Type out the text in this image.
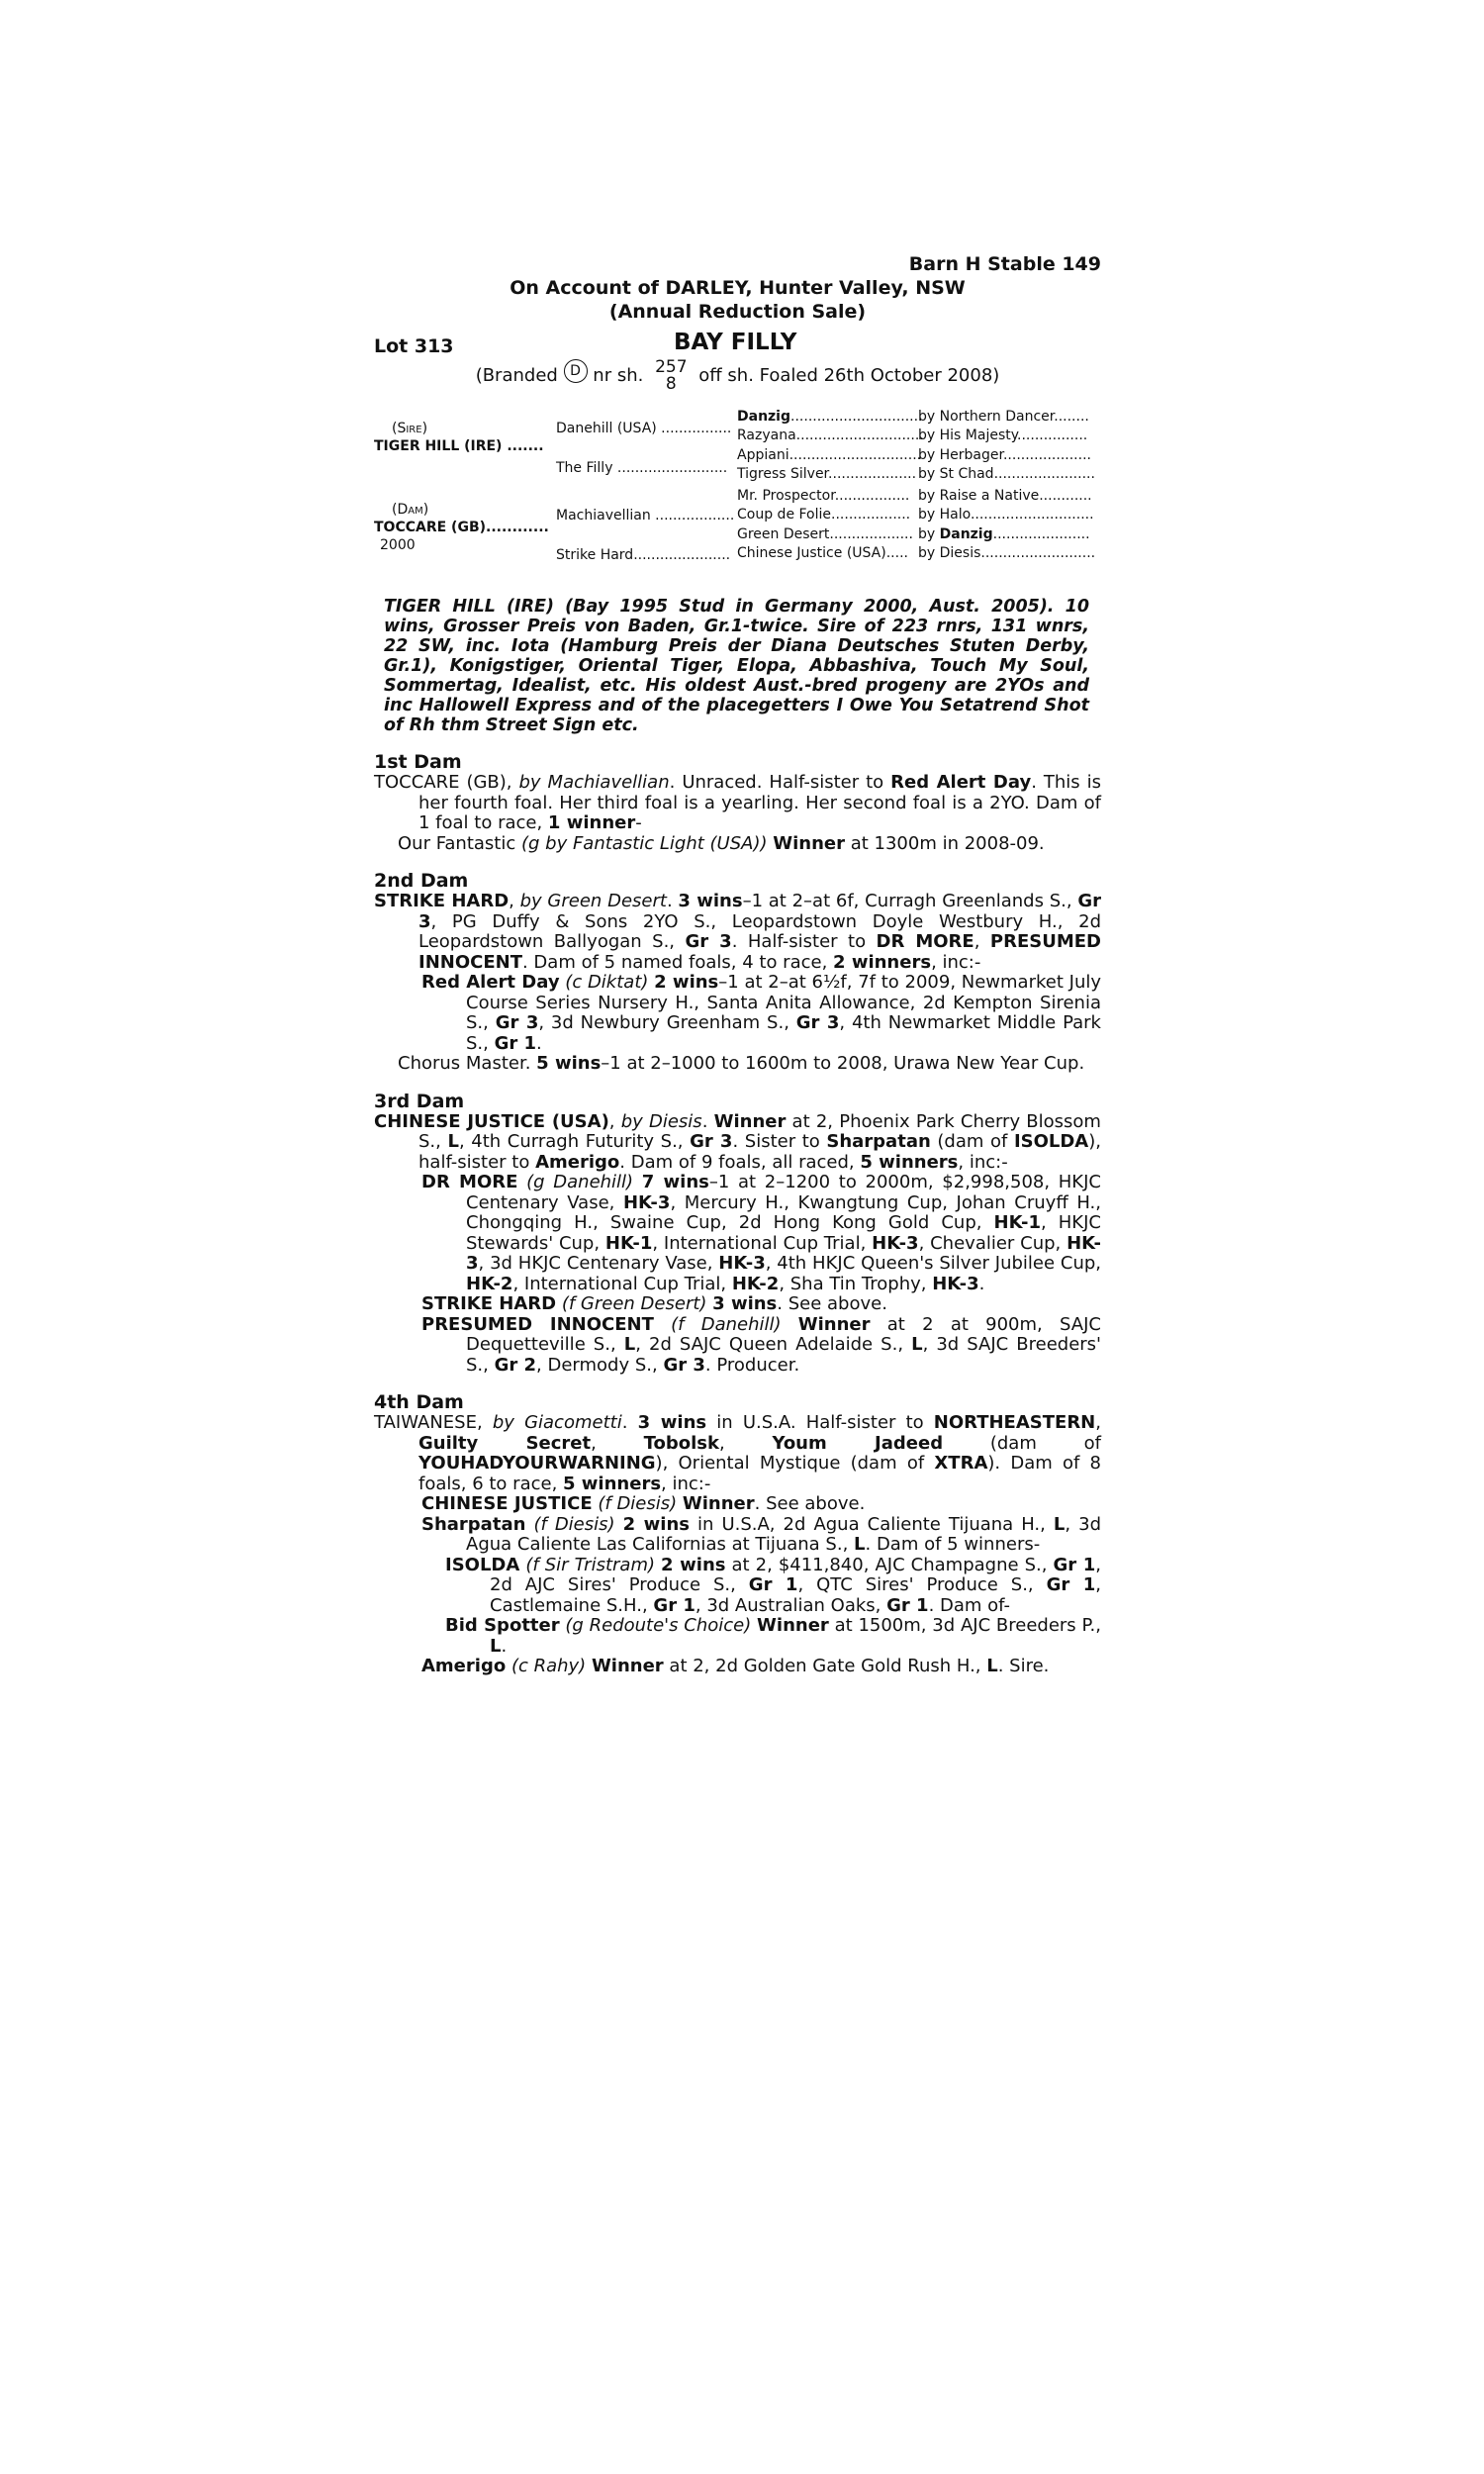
Barn H Stable 149
On Account of DARLEY, Hunter Valley, NSW
(Annual Reduction Sale)
Lot 313	BAY FILLY
(Branded D nr sh. 257
8 off sh. Foaled 26th October 2008)
(Sire)
TIGER HILL (IRE) .......
(Dam)
TOCCARE (GB)............
2000
Danehill (USA) ................
The Filly .........................
Machiavellian ..................
Strike Hard......................
Danzig..............................
Razyana.............................
Appiani..............................
Tigress Silver....................
Mr. Prospector.................
Coup de Folie..................
Green Desert...................
Chinese Justice (USA).....
by Northern Dancer........
by His Majesty................
by Herbager....................
by St Chad.......................
by Raise a Native............
by Halo............................
by Danzig......................
by Diesis..........................
TIGER HILL (IRE) (Bay 1995 Stud in Germany 2000, Aust. 2005). 10 wins, Grosser Preis von Baden, Gr.1-twice. Sire of 223 rnrs, 131 wnrs, 22 SW, inc. Iota (Hamburg Preis der Diana Deutsches Stuten Derby, Gr.1), Konigstiger, Oriental Tiger, Elopa, Abbashiva, Touch My Soul, Sommertag, Idealist, etc. His oldest Aust.-bred progeny are 2YOs and inc Hallowell Express and of the placegetters I Owe You Setatrend Shot of Rh thm Street Sign etc.
1st Dam
TOCCARE (GB), by Machiavellian. Unraced. Half-sister to Red Alert Day. This is her fourth foal. Her third foal is a yearling. Her second foal is a 2YO. Dam of 1 foal to race, 1 winner-
Our Fantastic (g by Fantastic Light (USA)) Winner at 1300m in 2008-09.
2nd Dam
STRIKE HARD, by Green Desert. 3 wins–1 at 2–at 6f, Curragh Greenlands S., Gr 3, PG Duffy & Sons 2YO S., Leopardstown Doyle Westbury H., 2d Leopardstown Ballyogan S., Gr 3. Half-sister to DR MORE, PRESUMED INNOCENT. Dam of 5 named foals, 4 to race, 2 winners, inc:-
Red Alert Day (c Diktat) 2 wins–1 at 2–at 6½f, 7f to 2009, Newmarket July Course Series Nursery H., Santa Anita Allowance, 2d Kempton Sirenia S., Gr 3, 3d Newbury Greenham S., Gr 3, 4th Newmarket Middle Park S., Gr 1.
Chorus Master. 5 wins–1 at 2–1000 to 1600m to 2008, Urawa New Year Cup.
3rd Dam
CHINESE JUSTICE (USA), by Diesis. Winner at 2, Phoenix Park Cherry Blossom S., L, 4th Curragh Futurity S., Gr 3. Sister to Sharpatan (dam of ISOLDA), half-sister to Amerigo. Dam of 9 foals, all raced, 5 winners, inc:-
DR MORE (g Danehill) 7 wins–1 at 2–1200 to 2000m, $2,998,508, HKJC Centenary Vase, HK-3, Mercury H., Kwangtung Cup, Johan Cruyff H., Chongqing H., Swaine Cup, 2d Hong Kong Gold Cup, HK-1, HKJC Stewards' Cup, HK-1, International Cup Trial, HK-3, Chevalier Cup, HK-3, 3d HKJC Centenary Vase, HK-3, 4th HKJC Queen's Silver Jubilee Cup, HK-2, International Cup Trial, HK-2, Sha Tin Trophy, HK-3.
STRIKE HARD (f Green Desert) 3 wins. See above.
PRESUMED INNOCENT (f Danehill) Winner at 2 at 900m, SAJC Dequetteville S., L, 2d SAJC Queen Adelaide S., L, 3d SAJC Breeders' S., Gr 2, Dermody S., Gr 3. Producer.
4th Dam
TAIWANESE, by Giacometti. 3 wins in U.S.A. Half-sister to NORTHEASTERN, Guilty Secret, Tobolsk, Youm Jadeed (dam of YOUHADYOURWARNING), Oriental Mystique (dam of XTRA). Dam of 8 foals, 6 to race, 5 winners, inc:-
CHINESE JUSTICE (f Diesis) Winner. See above.
Sharpatan (f Diesis) 2 wins in U.S.A, 2d Agua Caliente Tijuana H., L, 3d Agua Caliente Las Californias at Tijuana S., L. Dam of 5 winners-
ISOLDA (f Sir Tristram) 2 wins at 2, $411,840, AJC Champagne S., Gr 1, 2d AJC Sires' Produce S., Gr 1, QTC Sires' Produce S., Gr 1, Castlemaine S.H., Gr 1, 3d Australian Oaks, Gr 1. Dam of-
Bid Spotter (g Redoute's Choice) Winner at 1500m, 3d AJC Breeders P., L.
Amerigo (c Rahy) Winner at 2, 2d Golden Gate Gold Rush H., L. Sire.
